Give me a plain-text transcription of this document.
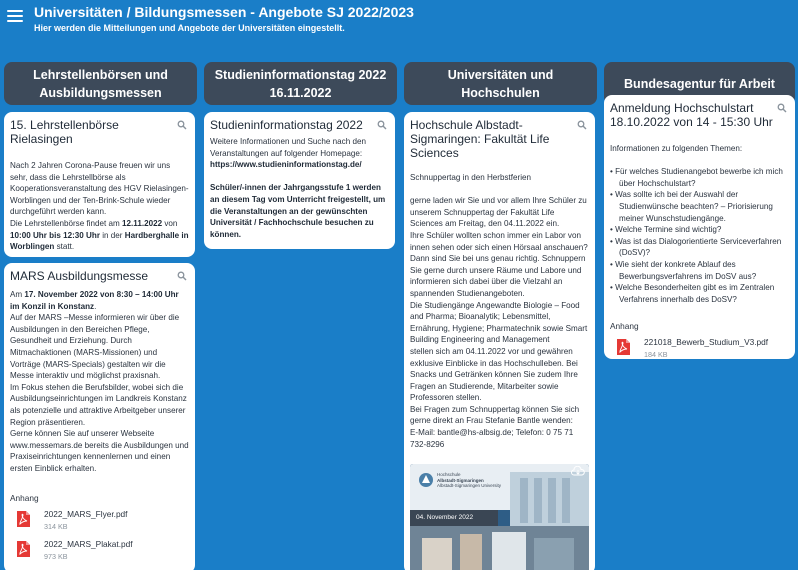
Universitäten / Bildungsmessen - Angebote SJ 2022/2023
Hier werden die Mitteilungen und Angebote der Universitäten eingestellt.
Lehrstellenbörsen und
Ausbildungsmessen
Studieninformationstag 2022
16.11.2022
Universitäten und
Hochschulen
Bundesagentur für Arbeit
15. Lehrstellenbörse Rielasingen
Nach 2 Jahren Corona-Pause freuen wir uns sehr, dass die Lehrstellbörse als Kooperationsveranstaltung des HGV Rielasingen-Worblingen und der Ten-Brink-Schule wieder durchgeführt werden kann.
Die Lehrstellenbörse findet am 12.11.2022 von 10:00 Uhr bis 12:30 Uhr in der Hardberghalle in Worblingen statt.
MARS Ausbildungsmesse
Am 17. November 2022 von 8:30 – 14:00 Uhr im Konzil in Konstanz.
Auf der MARS –Messe informieren wir über die Ausbildungen in den Bereichen Pflege, Gesundheit und Erziehung. Durch Mitmachaktionen (MARS-Missionen) und Vorträge (MARS-Specials) gestalten wir die Messe interaktiv und möglichst praxisnah.
Im Fokus stehen die Berufsbilder, wobei sich die Ausbildungseinrichtungen im Landkreis Konstanz als potenzielle und attraktive Arbeitgeber unserer Region präsentieren.
Gerne können Sie auf unserer Webseite www.messemars.de bereits die Ausbildungen und Praxiseinrichtungen kennenlernen und einen ersten Einblick erhalten.
Anhang
2022_MARS_Flyer.pdf
314 KB
2022_MARS_Plakat.pdf
973 KB
Studieninformationstag 2022
Weitere Informationen und Suche nach den Veranstaltungen auf folgender Homepage: https://www.studieninformationstag.de/
Schüler/-innen der Jahrgangsstufe 1 werden an diesem Tag vom Unterricht freigestellt, um die Veranstaltungen an der gewünschten Universität / Fachhochschule besuchen zu können.
Hochschule Albstadt-Sigmaringen: Fakultät Life Sciences
Schnuppertag in den Herbstferien
gerne laden wir Sie und vor allem Ihre Schüler zu unserem Schnuppertag der Fakultät Life Sciences am Freitag, den 04.11.2022 ein.
Ihre Schüler wollten schon immer ein Labor von innen sehen oder sich einen Hörsaal anschauen? Dann sind Sie bei uns genau richtig. Schnuppern Sie gerne durch unsere Räume und Labore und informieren sich dabei über die Vielzahl an spannenden Studienangeboten.
Die Studiengänge Angewandte Biologie – Food and Pharma; Bioanalytik; Lebensmittel, Ernährung, Hygiene; Pharmatechnik sowie Smart Building Engineering and Management
stellen sich am 04.11.2022 vor und gewähren exklusive Einblicke in das Hochschulleben. Bei Snacks und Getränken können Sie zudem Ihre Fragen an Studierende, Mitarbeiter sowie Professoren stellen.
Bei Fragen zum Schnuppertag können Sie sich gerne direkt an Frau Stefanie Bantle wenden:
E-Mail: bantle@hs-albsig.de; Telefon: 0 75 71 732-8296
Hochschule
Albstadt-Sigmaringen
Albstadt-Sigmaringen University
04. November 2022
Anmeldung Hochschulstart 18.10.2022 von 14 - 15:30 Uhr
Informationen zu folgenden Themen:
• Für welches Studienangebot bewerbe ich mich über Hochschulstart?
• Was sollte ich bei der Auswahl der Studienwünsche beachten? – Priorisierung meiner Wunschstudiengänge.
• Welche Termine sind wichtig?
• Was ist das Dialogorientierte Serviceverfahren (DoSV)?
• Wie sieht der konkrete Ablauf des Bewerbungsverfahrens im DoSV aus?
• Welche Besonderheiten gibt es im Zentralen Verfahrens innerhalb des DoSV?
Anhang
221018_Bewerb_Studium_V3.pdf
184 KB
